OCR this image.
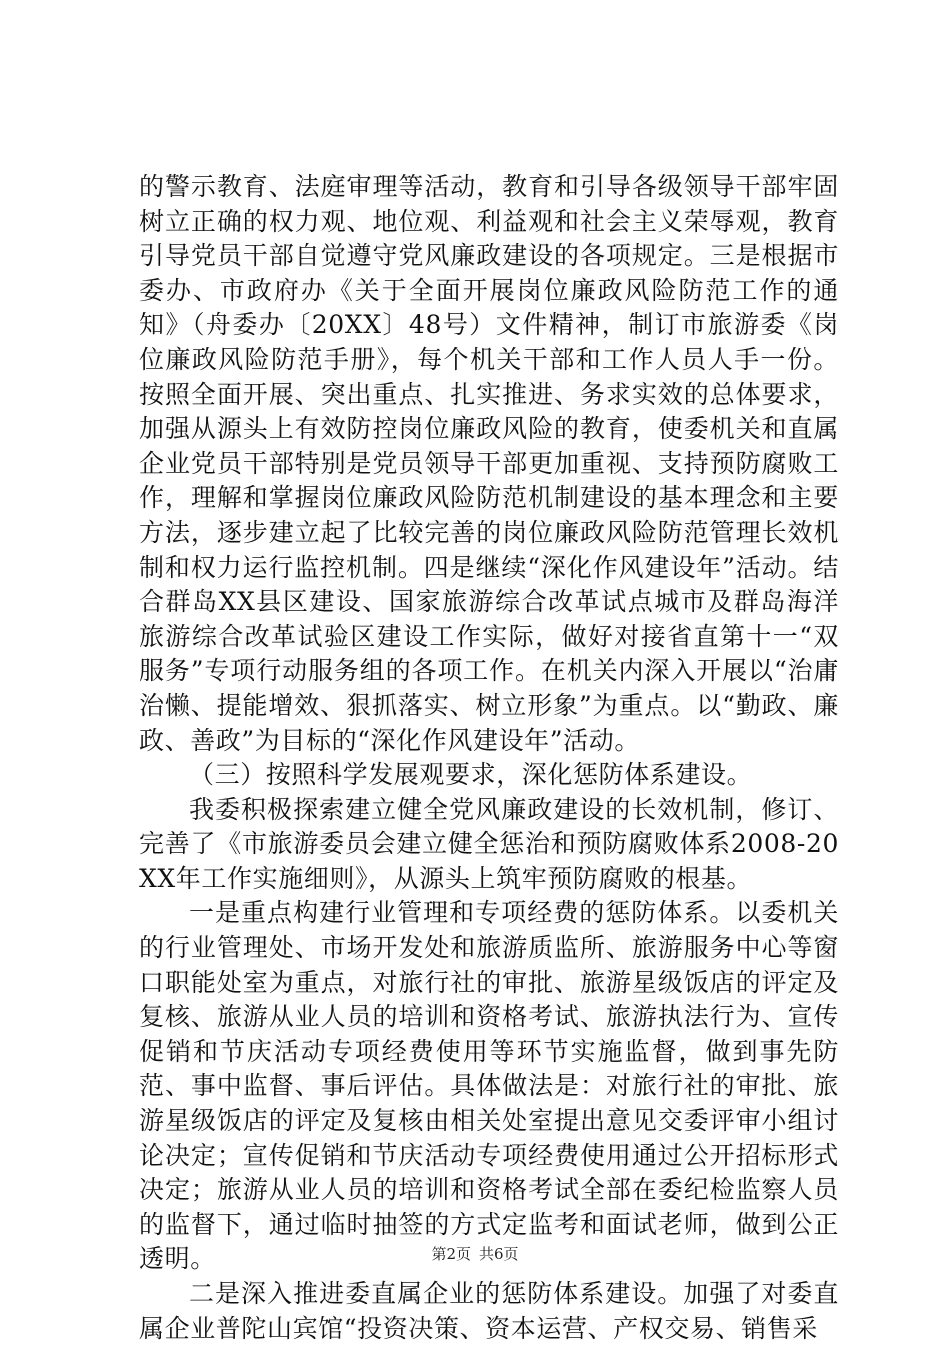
的警示教育、法庭审理等活动，教育和引导各级领导干部牢固树立正确的权力观、地位观、利益观和社会主义荣辱观，教育引导党员干部自觉遵守党风廉政建设的各项规定。三是根据市委办、市政府办《关于全面开展岗位廉政风险防范工作的通知》（舟委办〔20XX〕48号）文件精神，制订市旅游委《岗位廉政风险防范手册》，每个机关干部和工作人员人手一份。按照全面开展、突出重点、扎实推进、务求实效的总体要求，加强从源头上有效防控岗位廉政风险的教育，使委机关和直属企业党员干部特别是党员领导干部更加重视、支持预防腐败工作，理解和掌握岗位廉政风险防范机制建设的基本理念和主要方法，逐步建立起了比较完善的岗位廉政风险防范管理长效机制和权力运行监控机制。四是继续“深化作风建设年”活动。结合群岛XX县区建设、国家旅游综合改革试点城市及群岛海洋旅游综合改革试验区建设工作实际，做好对接省直第十一“双服务”专项行动服务组的各项工作。在机关内深入开展以“治庸治懒、提能增效、狠抓落实、树立形象”为重点。以“勤政、廉政、善政”为目标的“深化作风建设年”活动。

（三）按照科学发展观要求，深化惩防体系建设。

我委积极探索建立健全党风廉政建设的长效机制，修订、完善了《市旅游委员会建立健全惩治和预防腐败体系2008-20XX年工作实施细则》，从源头上筑牢预防腐败的根基。

一是重点构建行业管理和专项经费的惩防体系。以委机关的行业管理处、市场开发处和旅游质监所、旅游服务中心等窗口职能处室为重点，对旅行社的审批、旅游星级饭店的评定及复核、旅游从业人员的培训和资格考试、旅游执法行为、宣传促销和节庆活动专项经费使用等环节实施监督，做到事先防范、事中监督、事后评估。具体做法是：对旅行社的审批、旅游星级饭店的评定及复核由相关处室提出意见交委评审小组讨论决定；宣传促销和节庆活动专项经费使用通过公开招标形式决定；旅游从业人员的培训和资格考试全部在委纪检监察人员的监督下，通过临时抽签的方式定监考和面试老师，做到公正透明。

二是深入推进委直属企业的惩防体系建设。加强了对委直属企业普陀山宾馆“投资决策、资本运营、产权交易、销售采

第2页 共6页
